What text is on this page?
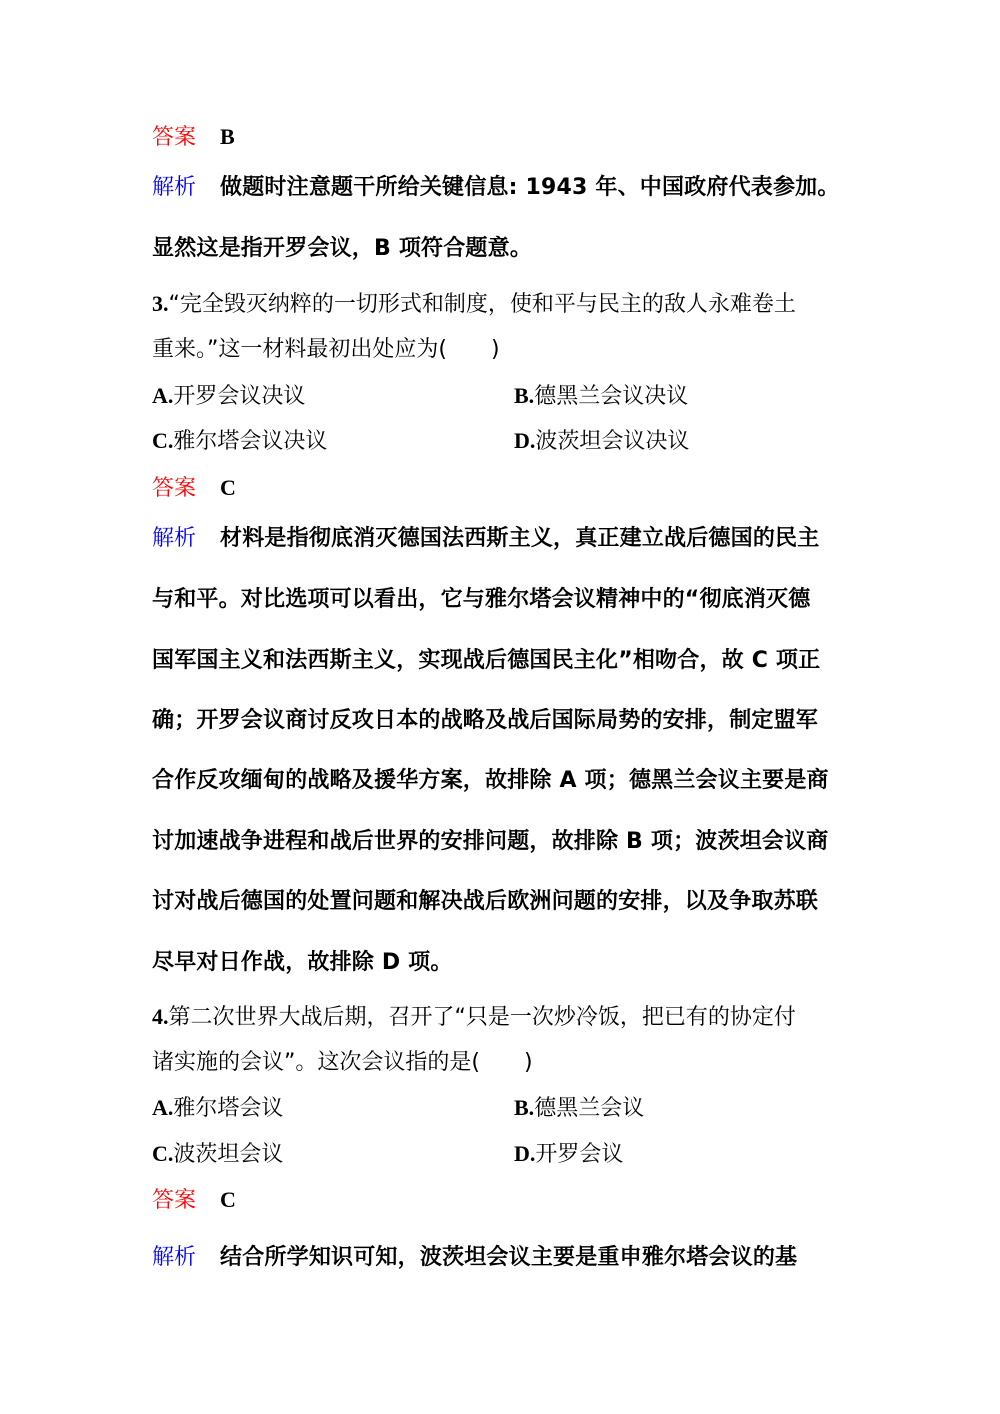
答案 B
解析 做题时注意题干所给关键信息: 1943 年、中国政府代表参加。
显然这是指开罗会议，B 项符合题意。
3.“完全毁灭纳粹的一切形式和制度，使和平与民主的敌人永难卷土
重来。”这一材料最初出处应为(　　)
A.开罗会议决议	B.德黑兰会议决议
C.雅尔塔会议决议	D.波茨坦会议决议
答案 C
解析 材料是指彻底消灭德国法西斯主义，真正建立战后德国的民主
与和平。对比选项可以看出，它与雅尔塔会议精神中的“彻底消灭德
国军国主义和法西斯主义，实现战后德国民主化”相吻合，故 C 项正
确；开罗会议商讨反攻日本的战略及战后国际局势的安排，制定盟军
合作反攻缅甸的战略及援华方案，故排除 A 项；德黑兰会议主要是商
讨加速战争进程和战后世界的安排问题，故排除 B 项；波茨坦会议商
讨对战后德国的处置问题和解决战后欧洲问题的安排，以及争取苏联
尽早对日作战，故排除 D 项。
4.第二次世界大战后期，召开了“只是一次炒冷饭，把已有的协定付
诸实施的会议”。这次会议指的是(　　)
A.雅尔塔会议	B.德黑兰会议
C.波茨坦会议	D.开罗会议
答案 C
解析 结合所学知识可知，波茨坦会议主要是重申雅尔塔会议的基
